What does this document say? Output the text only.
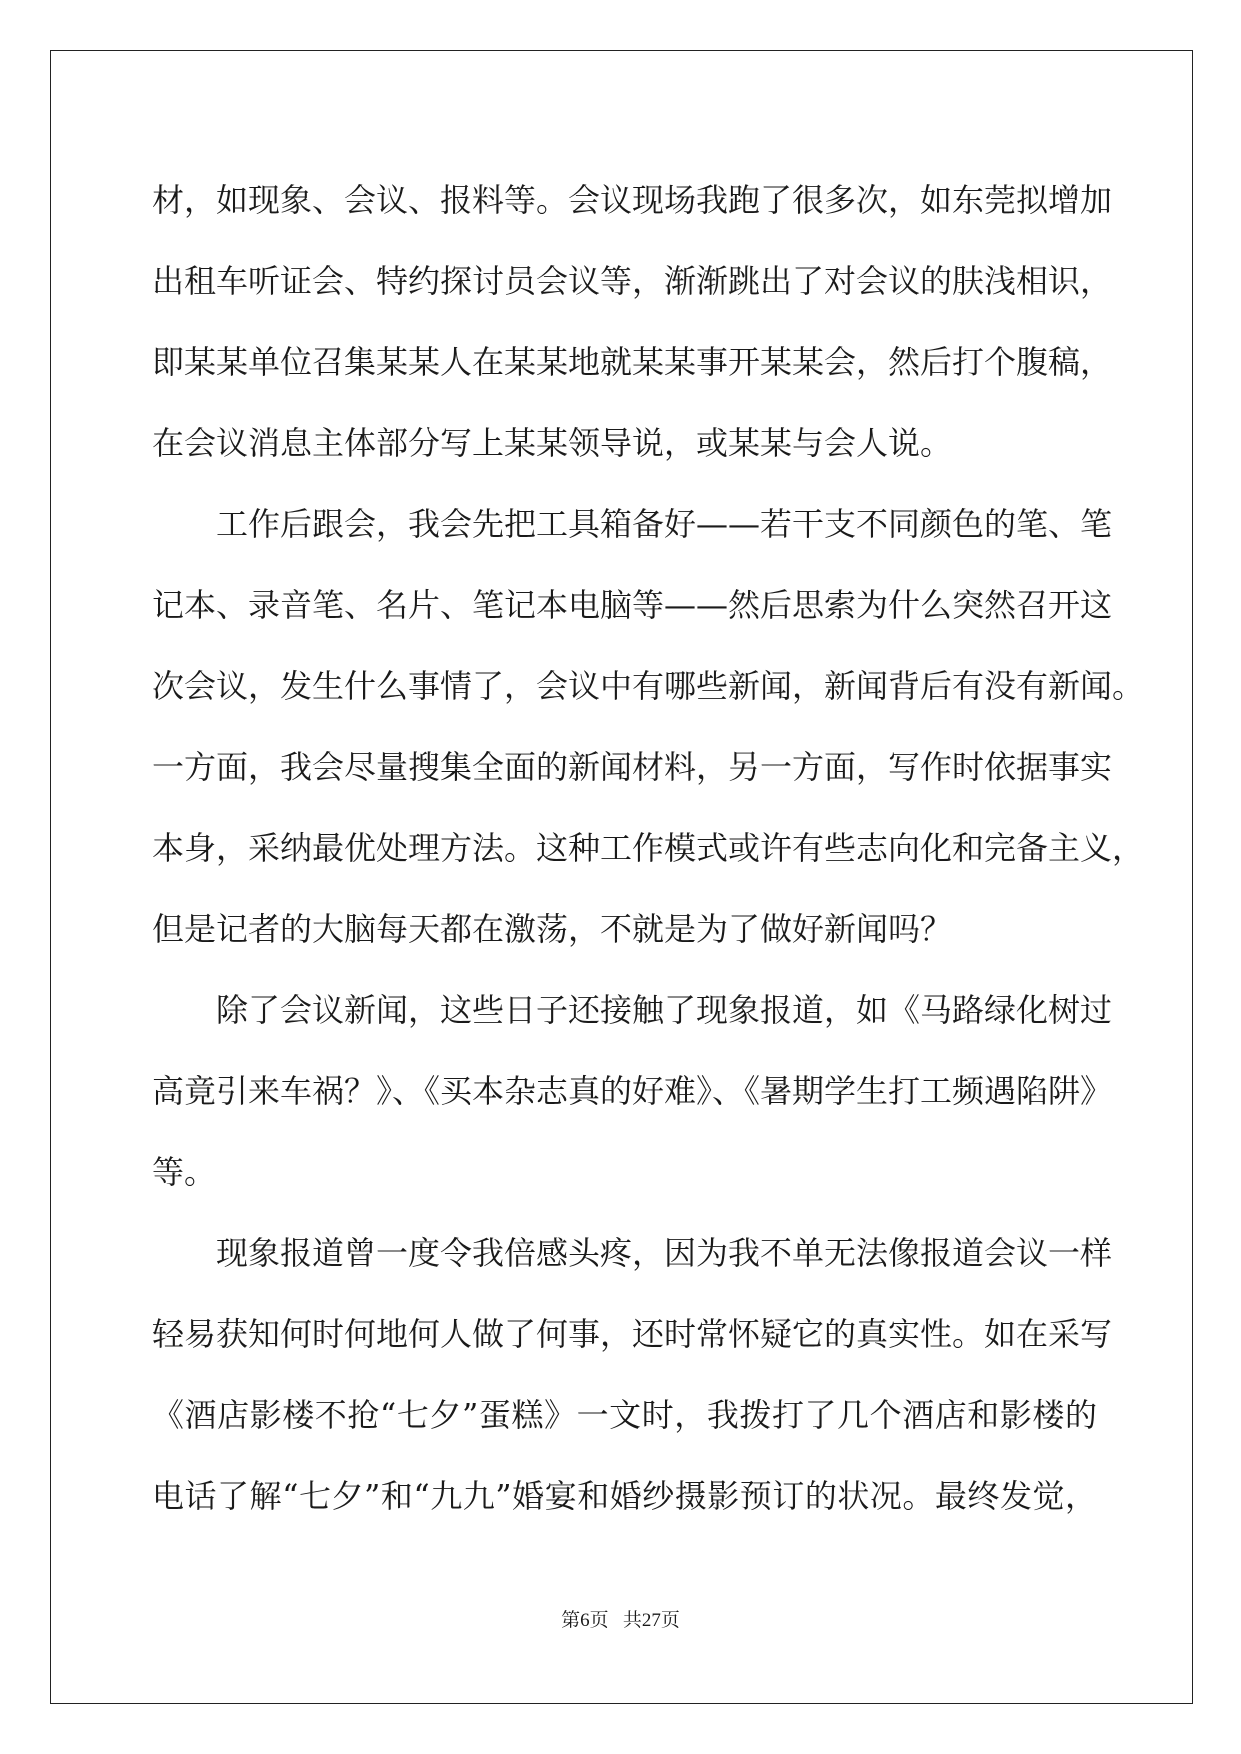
材，如现象、会议、报料等。会议现场我跑了很多次，如东莞拟增加
出租车听证会、特约探讨员会议等，渐渐跳出了对会议的肤浅相识，
即某某单位召集某某人在某某地就某某事开某某会，然后打个腹稿，
在会议消息主体部分写上某某领导说，或某某与会人说。
工作后跟会，我会先把工具箱备好——若干支不同颜色的笔、笔
记本、录音笔、名片、笔记本电脑等——然后思索为什么突然召开这
次会议，发生什么事情了，会议中有哪些新闻，新闻背后有没有新闻。
一方面，我会尽量搜集全面的新闻材料，另一方面，写作时依据事实
本身，采纳最优处理方法。这种工作模式或许有些志向化和完备主义，
但是记者的大脑每天都在激荡，不就是为了做好新闻吗？
除了会议新闻，这些日子还接触了现象报道，如《马路绿化树过
高竟引来车祸？》、《买本杂志真的好难》、《暑期学生打工频遇陷阱》
等。
现象报道曾一度令我倍感头疼，因为我不单无法像报道会议一样
轻易获知何时何地何人做了何事，还时常怀疑它的真实性。如在采写
《酒店影楼不抢“七夕”蛋糕》一文时，我拨打了几个酒店和影楼的
电话了解“七夕”和“九九”婚宴和婚纱摄影预订的状况。最终发觉，
第6页 共27页
